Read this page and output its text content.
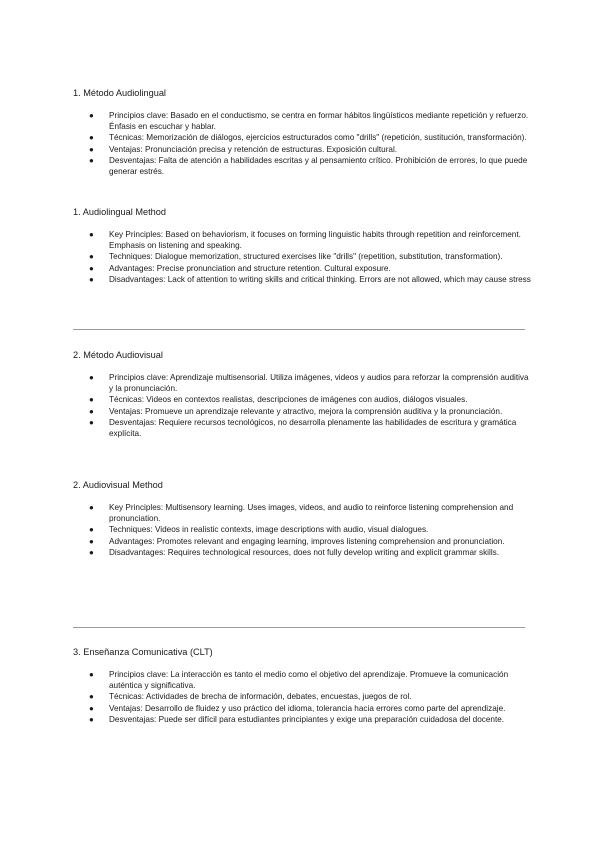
1. Método Audiolingual
● Principios clave: Basado en el conductismo, se centra en formar hábitos lingüísticos mediante repetición y refuerzo. Énfasis en escuchar y hablar.
● Técnicas: Memorización de diálogos, ejercicios estructurados como "drills" (repetición, sustitución, transformación).
● Ventajas: Pronunciación precisa y retención de estructuras. Exposición cultural.
● Desventajas: Falta de atención a habilidades escritas y al pensamiento crítico. Prohibición de errores, lo que puede generar estrés.
1. Audiolingual Method
● Key Principles: Based on behaviorism, it focuses on forming linguistic habits through repetition and reinforcement. Emphasis on listening and speaking.
● Techniques: Dialogue memorization, structured exercises like "drills" (repetition, substitution, transformation).
● Advantages: Precise pronunciation and structure retention. Cultural exposure.
● Disadvantages: Lack of attention to writing skills and critical thinking. Errors are not allowed, which may cause stress
2. Método Audiovisual
● Principios clave: Aprendizaje multisensorial. Utiliza imágenes, videos y audios para reforzar la comprensión auditiva y la pronunciación.
● Técnicas: Videos en contextos realistas, descripciones de imágenes con audios, diálogos visuales.
● Ventajas: Promueve un aprendizaje relevante y atractivo, mejora la comprensión auditiva y la pronunciación.
● Desventajas: Requiere recursos tecnológicos, no desarrolla plenamente las habilidades de escritura y gramática explícita.
2. Audiovisual Method
● Key Principles: Multisensory learning. Uses images, videos, and audio to reinforce listening comprehension and pronunciation.
● Techniques: Videos in realistic contexts, image descriptions with audio, visual dialogues.
● Advantages: Promotes relevant and engaging learning, improves listening comprehension and pronunciation.
● Disadvantages: Requires technological resources, does not fully develop writing and explicit grammar skills.
3. Enseñanza Comunicativa (CLT)
● Principios clave: La interacción es tanto el medio como el objetivo del aprendizaje. Promueve la comunicación auténtica y significativa.
● Técnicas: Actividades de brecha de información, debates, encuestas, juegos de rol.
● Ventajas: Desarrollo de fluidez y uso práctico del idioma, tolerancia hacia errores como parte del aprendizaje.
● Desventajas: Puede ser difícil para estudiantes principiantes y exige una preparación cuidadosa del docente.
